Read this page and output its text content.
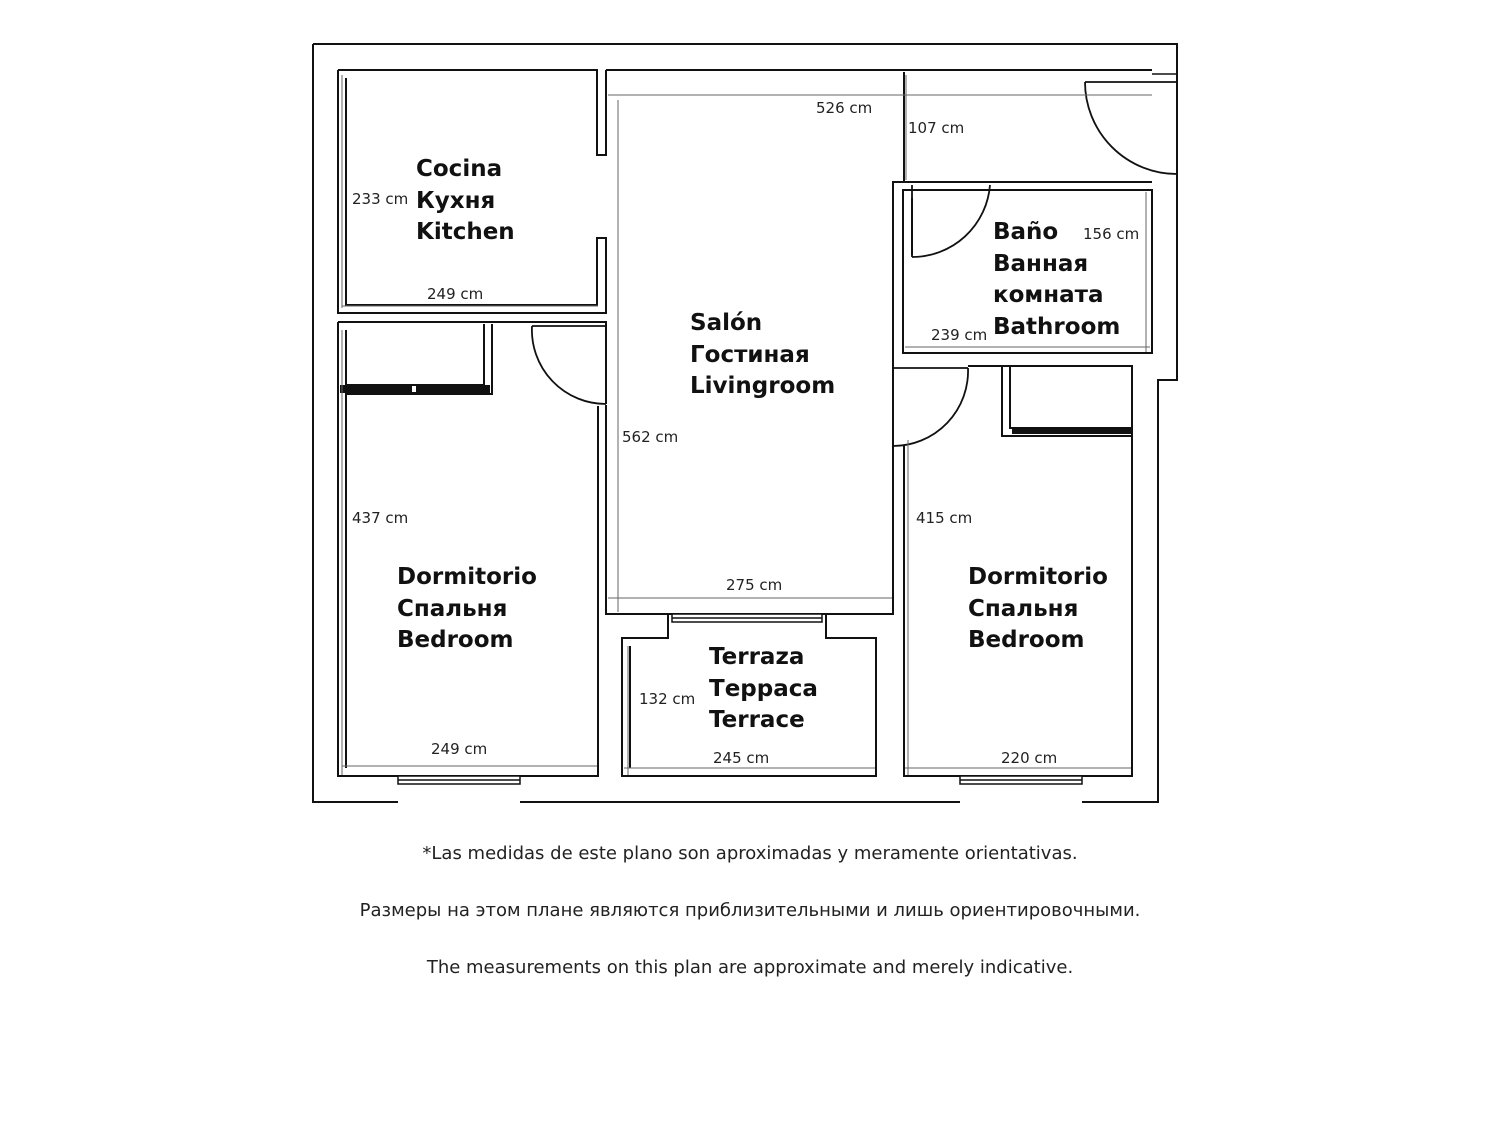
Cocina
Кухня
Kitchen
Salón
Гостиная
Livingroom
Baño
Ванная
комната
Bathroom
Dormitorio
Спальня
Bedroom
Dormitorio
Спальня
Bedroom
Terraza
Терраса
Terrace
233 cm
249 cm
526 cm
107 cm
562 cm
275 cm
156 cm
239 cm
437 cm
249 cm
132 cm
245 cm
415 cm
220 cm
*Las medidas de este plano son aproximadas y meramente orientativas.
Размеры на этом плане являются приблизительными и лишь ориентировочными.
The measurements on this plan are approximate and merely indicative.
